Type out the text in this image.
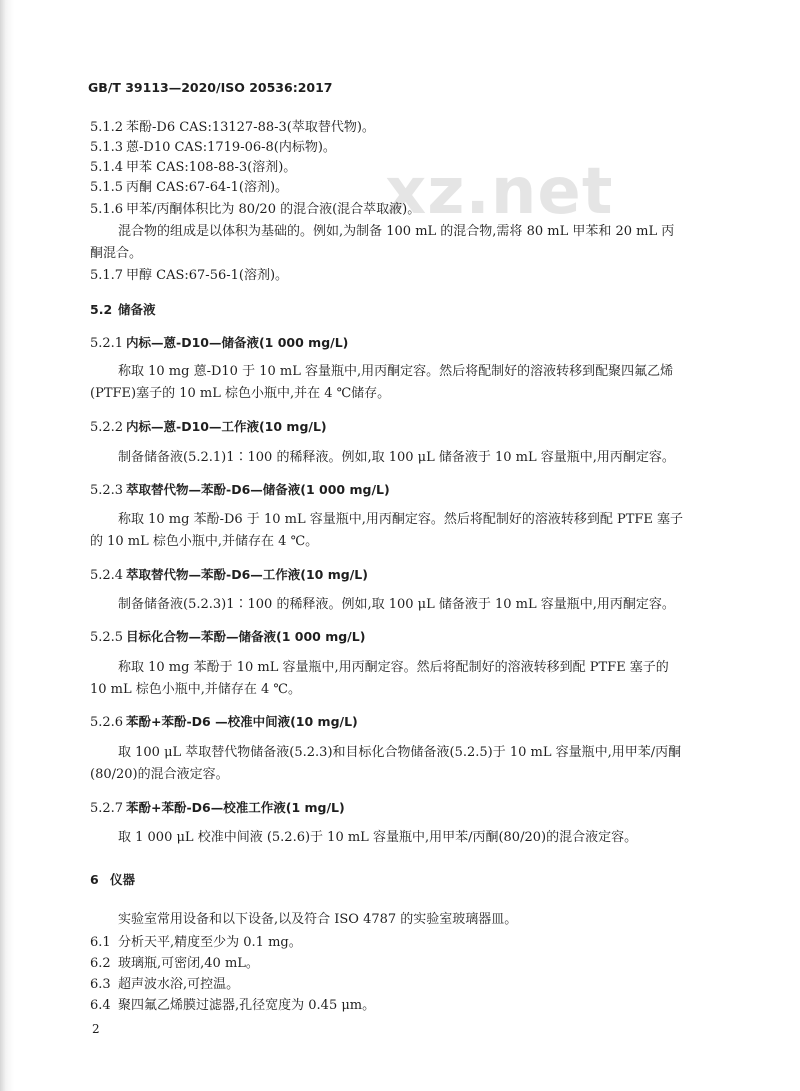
xz.net
GB/T 39113—2020/ISO 20536:2017
5.1.2 苯酚-D6 CAS:13127-88-3(萃取替代物)。
5.1.3 蒽-D10 CAS:1719-06-8(内标物)。
5.1.4 甲苯 CAS:108-88-3(溶剂)。
5.1.5 丙酮 CAS:67-64-1(溶剂)。
5.1.6 甲苯/丙酮体积比为 80/20 的混合液(混合萃取液)。
混合物的组成是以体积为基础的。例如,为制备 100 mL 的混合物,需将 80 mL 甲苯和 20 mL 丙
酮混合。
5.1.7 甲醇 CAS:67-56-1(溶剂)。
5.2 储备液
5.2.1 内标—蒽-D10—储备液(1 000 mg/L)
称取 10 mg 蒽-D10 于 10 mL 容量瓶中,用丙酮定容。然后将配制好的溶液转移到配聚四氟乙烯
(PTFE)塞子的 10 mL 棕色小瓶中,并在 4 ℃储存。
5.2.2 内标—蒽-D10—工作液(10 mg/L)
制备储备液(5.2.1)1∶100 的稀释液。例如,取 100 μL 储备液于 10 mL 容量瓶中,用丙酮定容。
5.2.3 萃取替代物—苯酚-D6—储备液(1 000 mg/L)
称取 10 mg 苯酚-D6 于 10 mL 容量瓶中,用丙酮定容。然后将配制好的溶液转移到配 PTFE 塞子
的 10 mL 棕色小瓶中,并储存在 4 ℃。
5.2.4 萃取替代物—苯酚-D6—工作液(10 mg/L)
制备储备液(5.2.3)1∶100 的稀释液。例如,取 100 μL 储备液于 10 mL 容量瓶中,用丙酮定容。
5.2.5 目标化合物—苯酚—储备液(1 000 mg/L)
称取 10 mg 苯酚于 10 mL 容量瓶中,用丙酮定容。然后将配制好的溶液转移到配 PTFE 塞子的
10 mL 棕色小瓶中,并储存在 4 ℃。
5.2.6 苯酚+苯酚-D6 —校准中间液(10 mg/L)
取 100 μL 萃取替代物储备液(5.2.3)和目标化合物储备液(5.2.5)于 10 mL 容量瓶中,用甲苯/丙酮
(80/20)的混合液定容。
5.2.7 苯酚+苯酚-D6—校准工作液(1 mg/L)
取 1 000 μL 校准中间液 (5.2.6)于 10 mL 容量瓶中,用甲苯/丙酮(80/20)的混合液定容。
6 仪器
实验室常用设备和以下设备,以及符合 ISO 4787 的实验室玻璃器皿。
6.1 分析天平,精度至少为 0.1 mg。
6.2 玻璃瓶,可密闭,40 mL。
6.3 超声波水浴,可控温。
6.4 聚四氟乙烯膜过滤器,孔径宽度为 0.45 μm。
2
